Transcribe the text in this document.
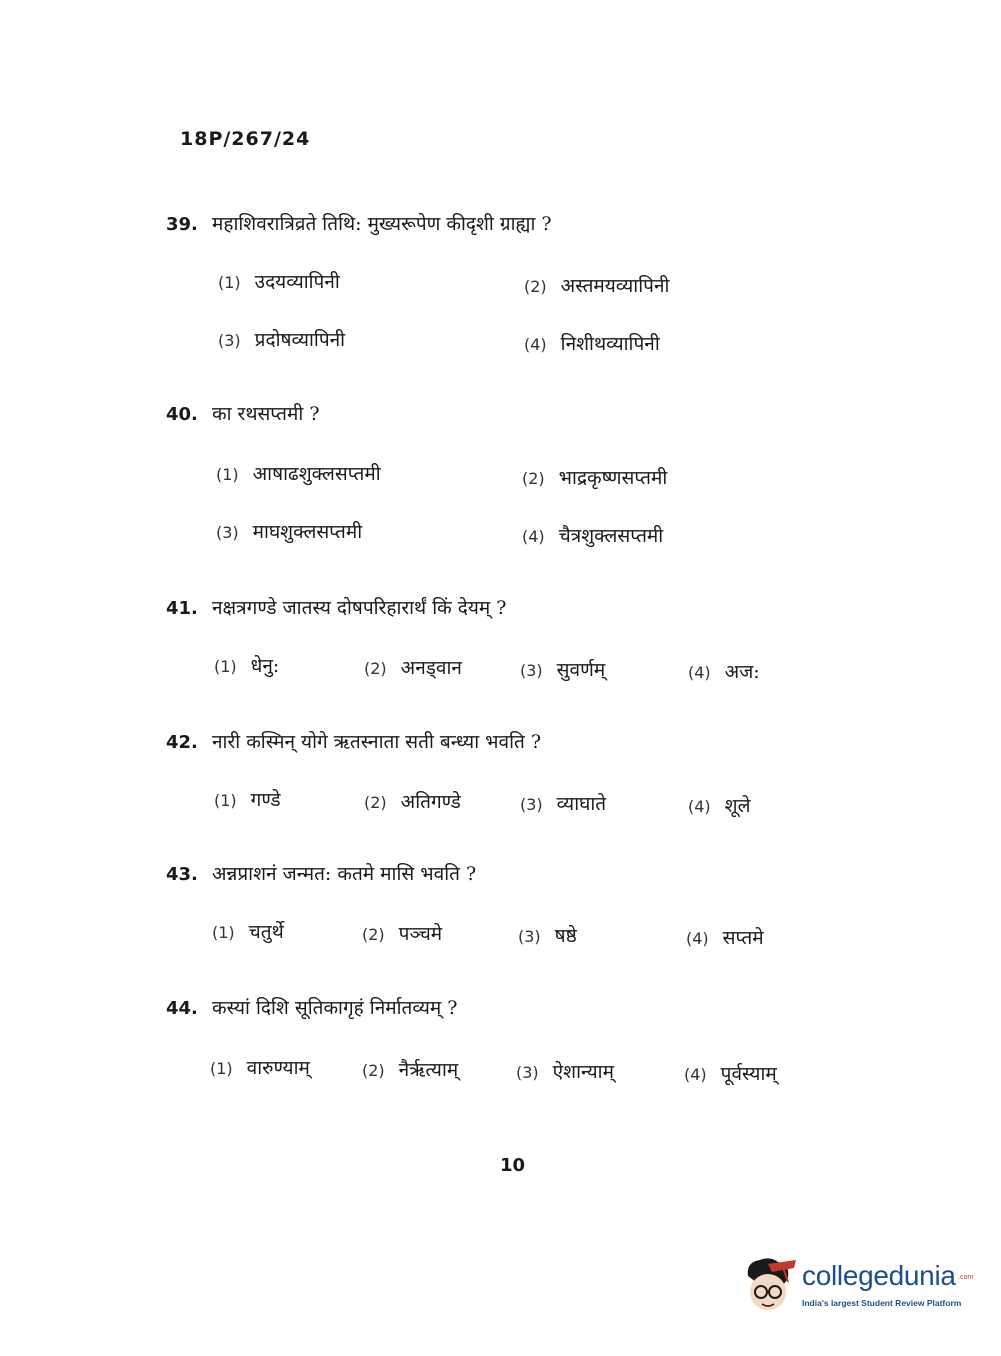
18P/267/24
39. महाशिवरात्रिव्रते तिथि: मुख्यरूपेण कीदृशी ग्राह्या ?
(1) उदयव्यापिनी	(2) अस्तमयव्यापिनी
(3) प्रदोषव्यापिनी	(4) निशीथव्यापिनी
40. का रथसप्तमी ?
(1) आषाढशुक्लसप्तमी	(2) भाद्रकृष्णसप्तमी
(3) माघशुक्लसप्तमी	(4) चैत्रशुक्लसप्तमी
41. नक्षत्रगण्डे जातस्य दोषपरिहारार्थं किं देयम् ?
(1) धेनु:	(2) अनड्वान	(3) सुवर्णम्	(4) अज:
42. नारी कस्मिन् योगे ऋतस्नाता सती बन्ध्या भवति ?
(1) गण्डे	(2) अतिगण्डे	(3) व्याघाते	(4) शूले
43. अन्नप्राशनं जन्मत: कतमे मासि भवति ?
(1) चतुर्थे	(2) पञ्चमे	(3) षष्ठे	(4) सप्तमे
44. कस्यां दिशि सूतिकागृहं निर्मातव्यम् ?
(1) वारुण्याम्	(2) नैर्ऋत्याम्	(3) ऐशान्याम्	(4) पूर्वस्याम्
10
collegedunia .com
India's largest Student Review Platform
